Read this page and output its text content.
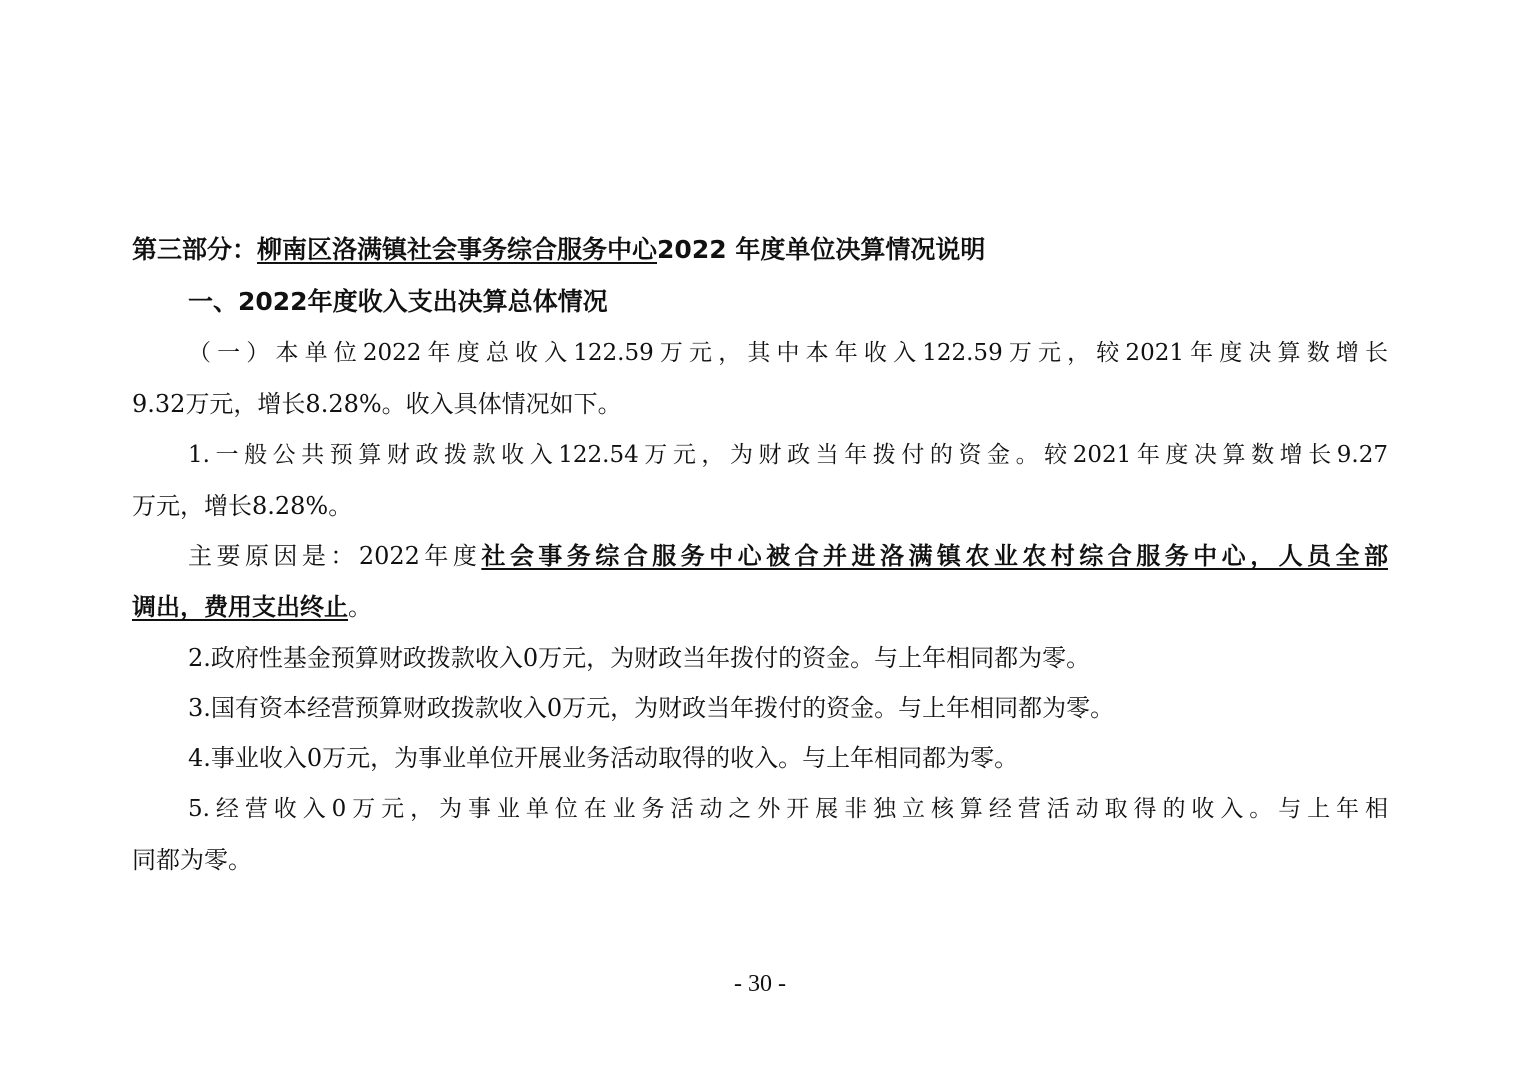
第三部分：柳南区洛满镇社会事务综合服务中心2022 年度单位决算情况说明
一、2022年度收入支出决算总体情况
（一）本单位2022年度总收入122.59万元，其中本年收入122.59万元，较2021年度决算数增长
9.32万元，增长8.28%。收入具体情况如下。
1.一般公共预算财政拨款收入122.54万元，为财政当年拨付的资金。较2021年度决算数增长9.27
万元，增长8.28%。
主要原因是：2022年度社会事务综合服务中心被合并进洛满镇农业农村综合服务中心，人员全部
调出，费用支出终止。
2.政府性基金预算财政拨款收入0万元，为财政当年拨付的资金。与上年相同都为零。
3.国有资本经营预算财政拨款收入0万元，为财政当年拨付的资金。与上年相同都为零。
4.事业收入0万元，为事业单位开展业务活动取得的收入。与上年相同都为零。
5.经营收入0万元，为事业单位在业务活动之外开展非独立核算经营活动取得的收入。与上年相
同都为零。
- 30 -
